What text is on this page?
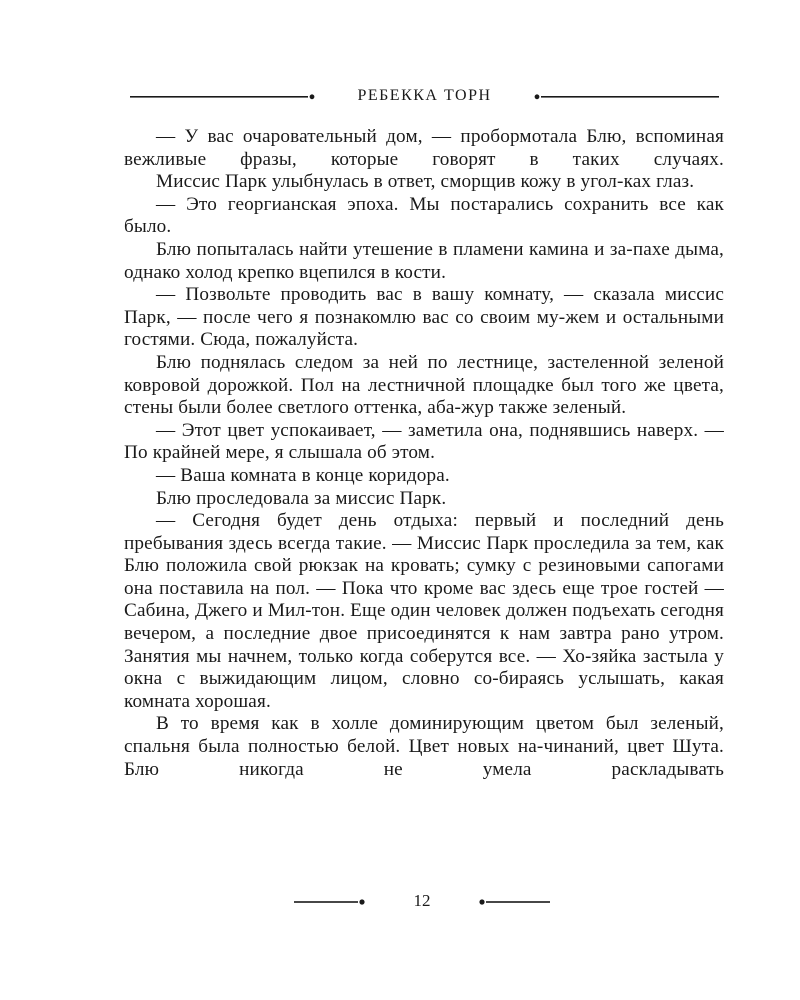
РЕБЕККА ТОРН

— У вас очаровательный дом, — пробормотала Блю, вспоминая вежливые фразы, которые говорят в таких случаях.

Миссис Парк улыбнулась в ответ, сморщив кожу в угол-ках глаз.

— Это георгианская эпоха. Мы постарались сохранить все как было.

Блю попыталась найти утешение в пламени камина и за-пахе дыма, однако холод крепко вцепился в кости.

— Позвольте проводить вас в вашу комнату, — сказала миссис Парк, — после чего я познакомлю вас со своим му-жем и остальными гостями. Сюда, пожалуйста.

Блю поднялась следом за ней по лестнице, застеленной зеленой ковровой дорожкой. Пол на лестничной площадке был того же цвета, стены были более светлого оттенка, аба-жур также зеленый.

— Этот цвет успокаивает, — заметила она, поднявшись наверх. — По крайней мере, я слышала об этом.

— Ваша комната в конце коридора.

Блю проследовала за миссис Парк.

— Сегодня будет день отдыха: первый и последний день пребывания здесь всегда такие. — Миссис Парк проследила за тем, как Блю положила свой рюкзак на кровать; сумку с резиновыми сапогами она поставила на пол. — Пока что кроме вас здесь еще трое гостей — Сабина, Джего и Мил-тон. Еще один человек должен подъехать сегодня вечером, а последние двое присоединятся к нам завтра рано утром. Занятия мы начнем, только когда соберутся все. — Хо-зяйка застыла у окна с выжидающим лицом, словно со-бираясь услышать, какая комната хорошая.

В то время как в холле доминирующим цветом был зеленый, спальня была полностью белой. Цвет новых на-чинаний, цвет Шута. Блю никогда не умела раскладывать

12
